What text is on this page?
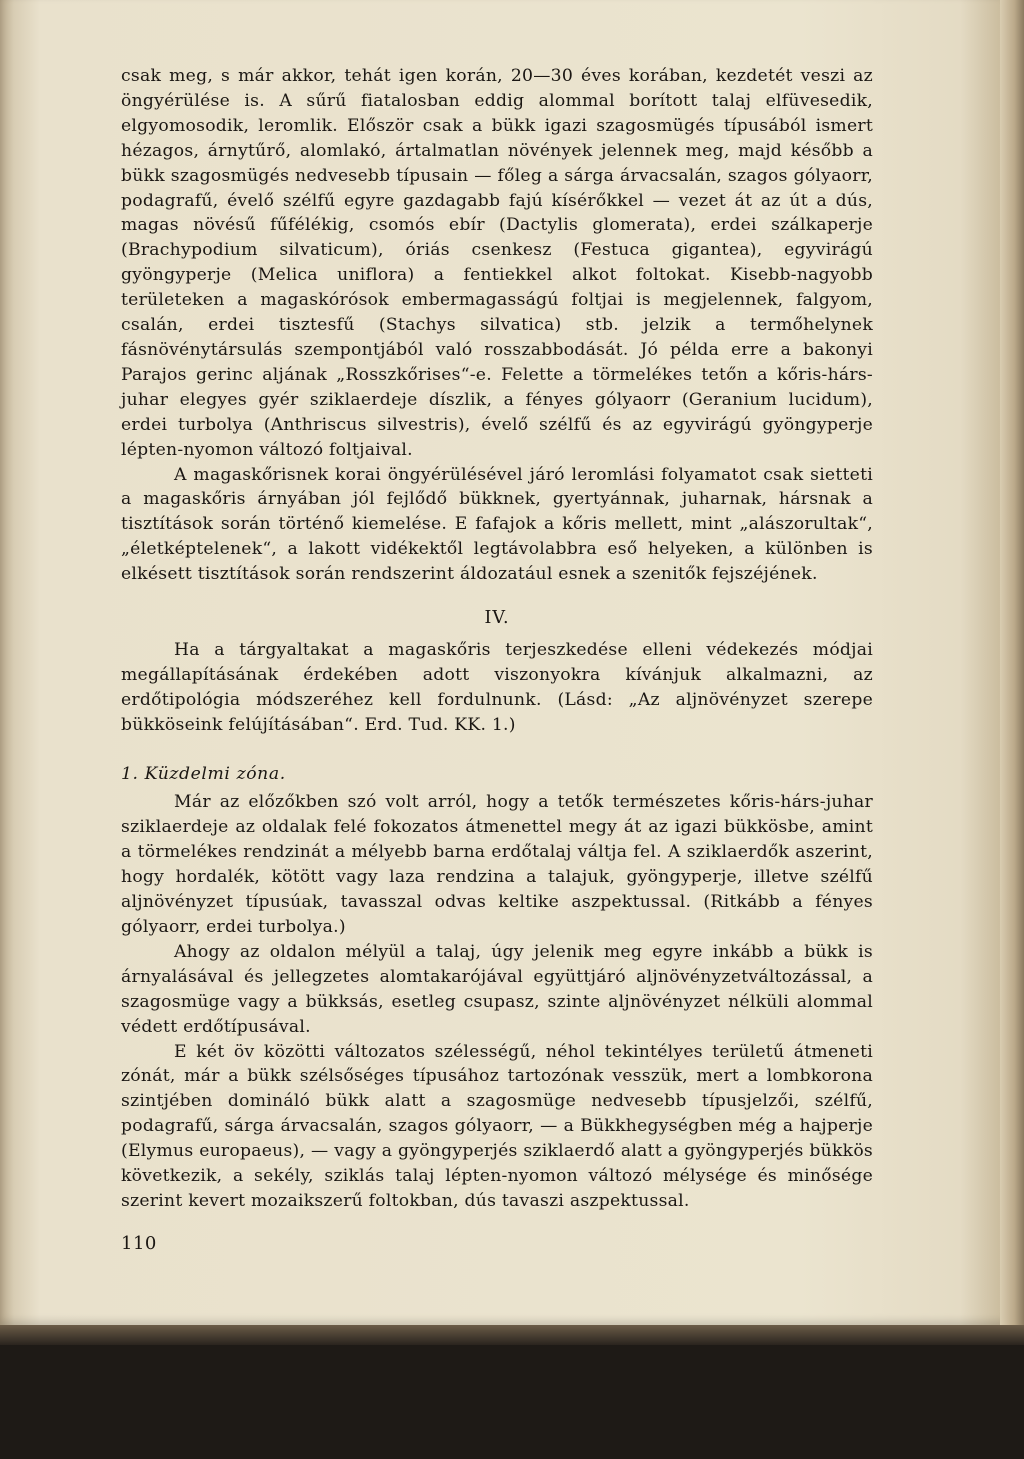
csak meg, s már akkor, tehát igen korán, 20—30 éves korában, kezdetét veszi az öngyérülése is. A sűrű fiatalosban eddig alommal borított talaj elfüvesedik, elgyomosodik, leromlik. Először csak a bükk igazi szagosmügés típusából ismert hézagos, árnytűrő, alomlakó, ártalmatlan növények jelennek meg, majd később a bükk szagosmügés nedvesebb típusain — főleg a sárga árvacsalán, szagos gólyaorr, podagrafű, évelő szélfű egyre gazdagabb fajú kísérőkkel — vezet át az út a dús, magas növésű fűfélékig, csomós ebír (Dactylis glomerata), erdei szálkaperje (Brachypodium silvaticum), óriás csenkesz (Festuca gigantea), egyvirágú gyöngyperje (Melica uniflora) a fentiekkel alkot foltokat. Kisebb-nagyobb területeken a magaskórósok embermagasságú foltjai is megjelennek, falgyom, csalán, erdei tisztesfű (Stachys silvatica) stb. jelzik a termőhelynek fásnövénytársulás szempontjából való rosszabbodását. Jó példa erre a bakonyi Parajos gerinc aljának „Rosszkőrises“-e. Felette a törmelékes tetőn a kőris-hárs-juhar elegyes gyér sziklaerdeje díszlik, a fényes gólyaorr (Geranium lucidum), erdei turbolya (Anthriscus silvestris), évelő szélfű és az egyvirágú gyöngyperje lépten-nyomon változó foltjaival.

A magaskőrisnek korai öngyérülésével járó leromlási folyamatot csak sietteti a magaskőris árnyában jól fejlődő bükknek, gyertyánnak, juharnak, hársnak a tisztítások során történő kiemelése. E fafajok a kőris mellett, mint „alászorultak“, „életképtelenek“, a lakott vidékektől legtávolabbra eső helyeken, a különben is elkésett tisztítások során rendszerint áldozatául esnek a szenitők fejszéjének.

IV.

Ha a tárgyaltakat a magaskőris terjeszkedése elleni védekezés módjai megállapításának érdekében adott viszonyokra kívánjuk alkalmazni, az erdőtipológia módszeréhez kell fordulnunk. (Lásd: „Az aljnövényzet szerepe bükköseink felújításában“. Erd. Tud. KK. 1.)

1. Küzdelmi zóna.

Már az előzőkben szó volt arról, hogy a tetők természetes kőris-hárs-juhar sziklaerdeje az oldalak felé fokozatos átmenettel megy át az igazi bükkösbe, amint a törmelékes rendzinát a mélyebb barna erdőtalaj váltja fel. A sziklaerdők aszerint, hogy hordalék, kötött vagy laza rendzina a talajuk, gyöngyperje, illetve szélfű aljnövényzet típusúak, tavasszal odvas keltike aszpektussal. (Ritkább a fényes gólyaorr, erdei turbolya.)

Ahogy az oldalon mélyül a talaj, úgy jelenik meg egyre inkább a bükk is árnyalásával és jellegzetes alomtakarójával együttjáró aljnövényzetváltozással, a szagosmüge vagy a bükksás, esetleg csupasz, szinte aljnövényzet nélküli alommal védett erdőtípusával.

E két öv közötti változatos szélességű, néhol tekintélyes területű átmeneti zónát, már a bükk szélsőséges típusához tartozónak vesszük, mert a lombkorona szintjében domináló bükk alatt a szagosmüge nedvesebb típusjelzői, szélfű, podagrafű, sárga árvacsalán, szagos gólyaorr, — a Bükkhegységben még a hajperje (Elymus europaeus), — vagy a gyöngyperjés sziklaerdő alatt a gyöngyperjés bükkös következik, a sekély, sziklás talaj lépten-nyomon változó mélysége és minősége szerint kevert mozaikszerű foltokban, dús tavaszi aszpektussal.

110
